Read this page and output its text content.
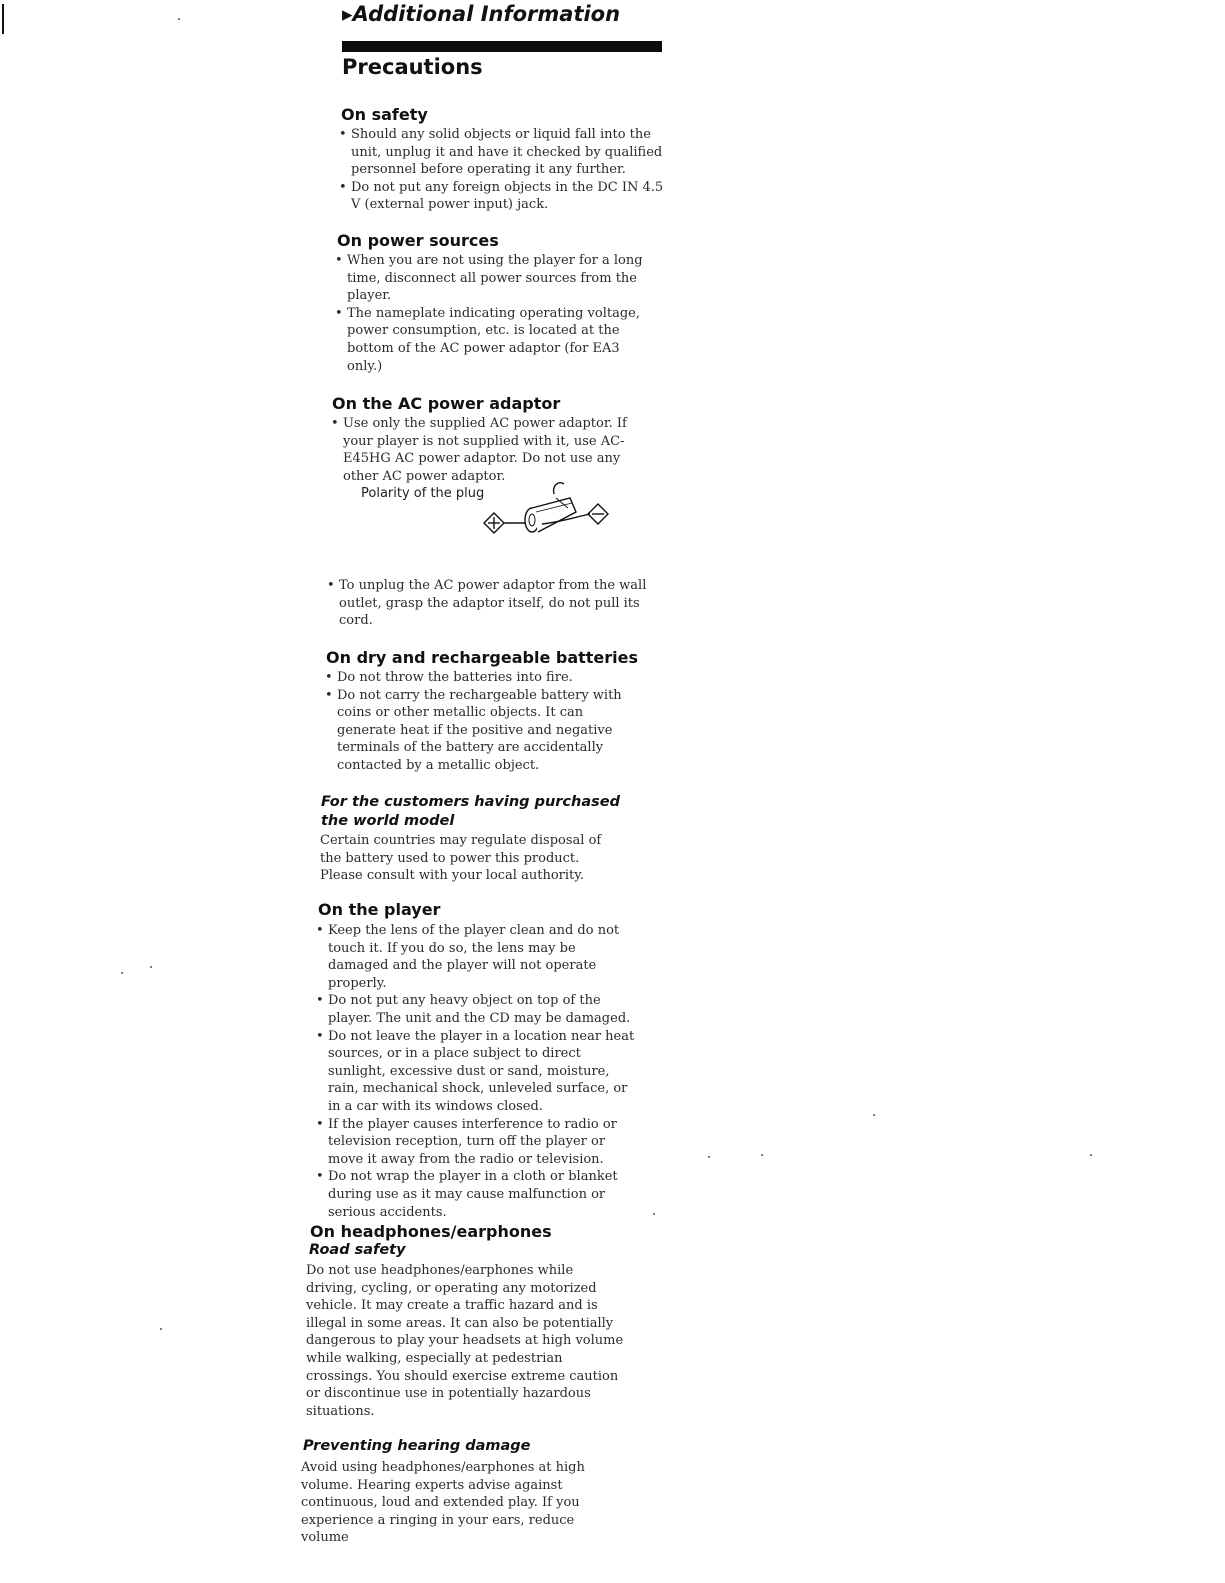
▸Additional Information
Precautions
On safety
• Should any solid objects or liquid fall into the unit, unplug it and have it checked by qualified personnel before operating it any further.
• Do not put any foreign objects in the DC IN 4.5 V (external power input) jack.
On power sources
• When you are not using the player for a long time, disconnect all power sources from the player.
• The nameplate indicating operating voltage, power consumption, etc. is located at the bottom of the AC power adaptor (for EA3 only.)
On the AC power adaptor
• Use only the supplied AC power adaptor. If your player is not supplied with it, use AC-E45HG AC power adaptor. Do not use any other AC power adaptor.
Polarity of the plug
• To unplug the AC power adaptor from the wall outlet, grasp the adaptor itself, do not pull its cord.
On dry and rechargeable batteries
• Do not throw the batteries into fire.
• Do not carry the rechargeable battery with coins or other metallic objects. It can generate heat if the positive and negative terminals of the battery are accidentally contacted by a metallic object.
For the customers having purchased the world model
Certain countries may regulate disposal of the battery used to power this product.
Please consult with your local authority.
On the player
• Keep the lens of the player clean and do not touch it. If you do so, the lens may be damaged and the player will not operate properly.
• Do not put any heavy object on top of the player. The unit and the CD may be damaged.
• Do not leave the player in a location near heat sources, or in a place subject to direct sunlight, excessive dust or sand, moisture, rain, mechanical shock, unleveled surface, or in a car with its windows closed.
• If the player causes interference to radio or television reception, turn off the player or move it away from the radio or television.
• Do not wrap the player in a cloth or blanket during use as it may cause malfunction or serious accidents.
On headphones/earphones
Road safety
Do not use headphones/earphones while driving, cycling, or operating any motorized vehicle. It may create a traffic hazard and is illegal in some areas. It can also be potentially dangerous to play your headsets at high volume while walking, especially at pedestrian crossings. You should exercise extreme caution or discontinue use in potentially hazardous situations.
Preventing hearing damage
Avoid using headphones/earphones at high volume. Hearing experts advise against continuous, loud and extended play. If you experience a ringing in your ears, reduce volume
